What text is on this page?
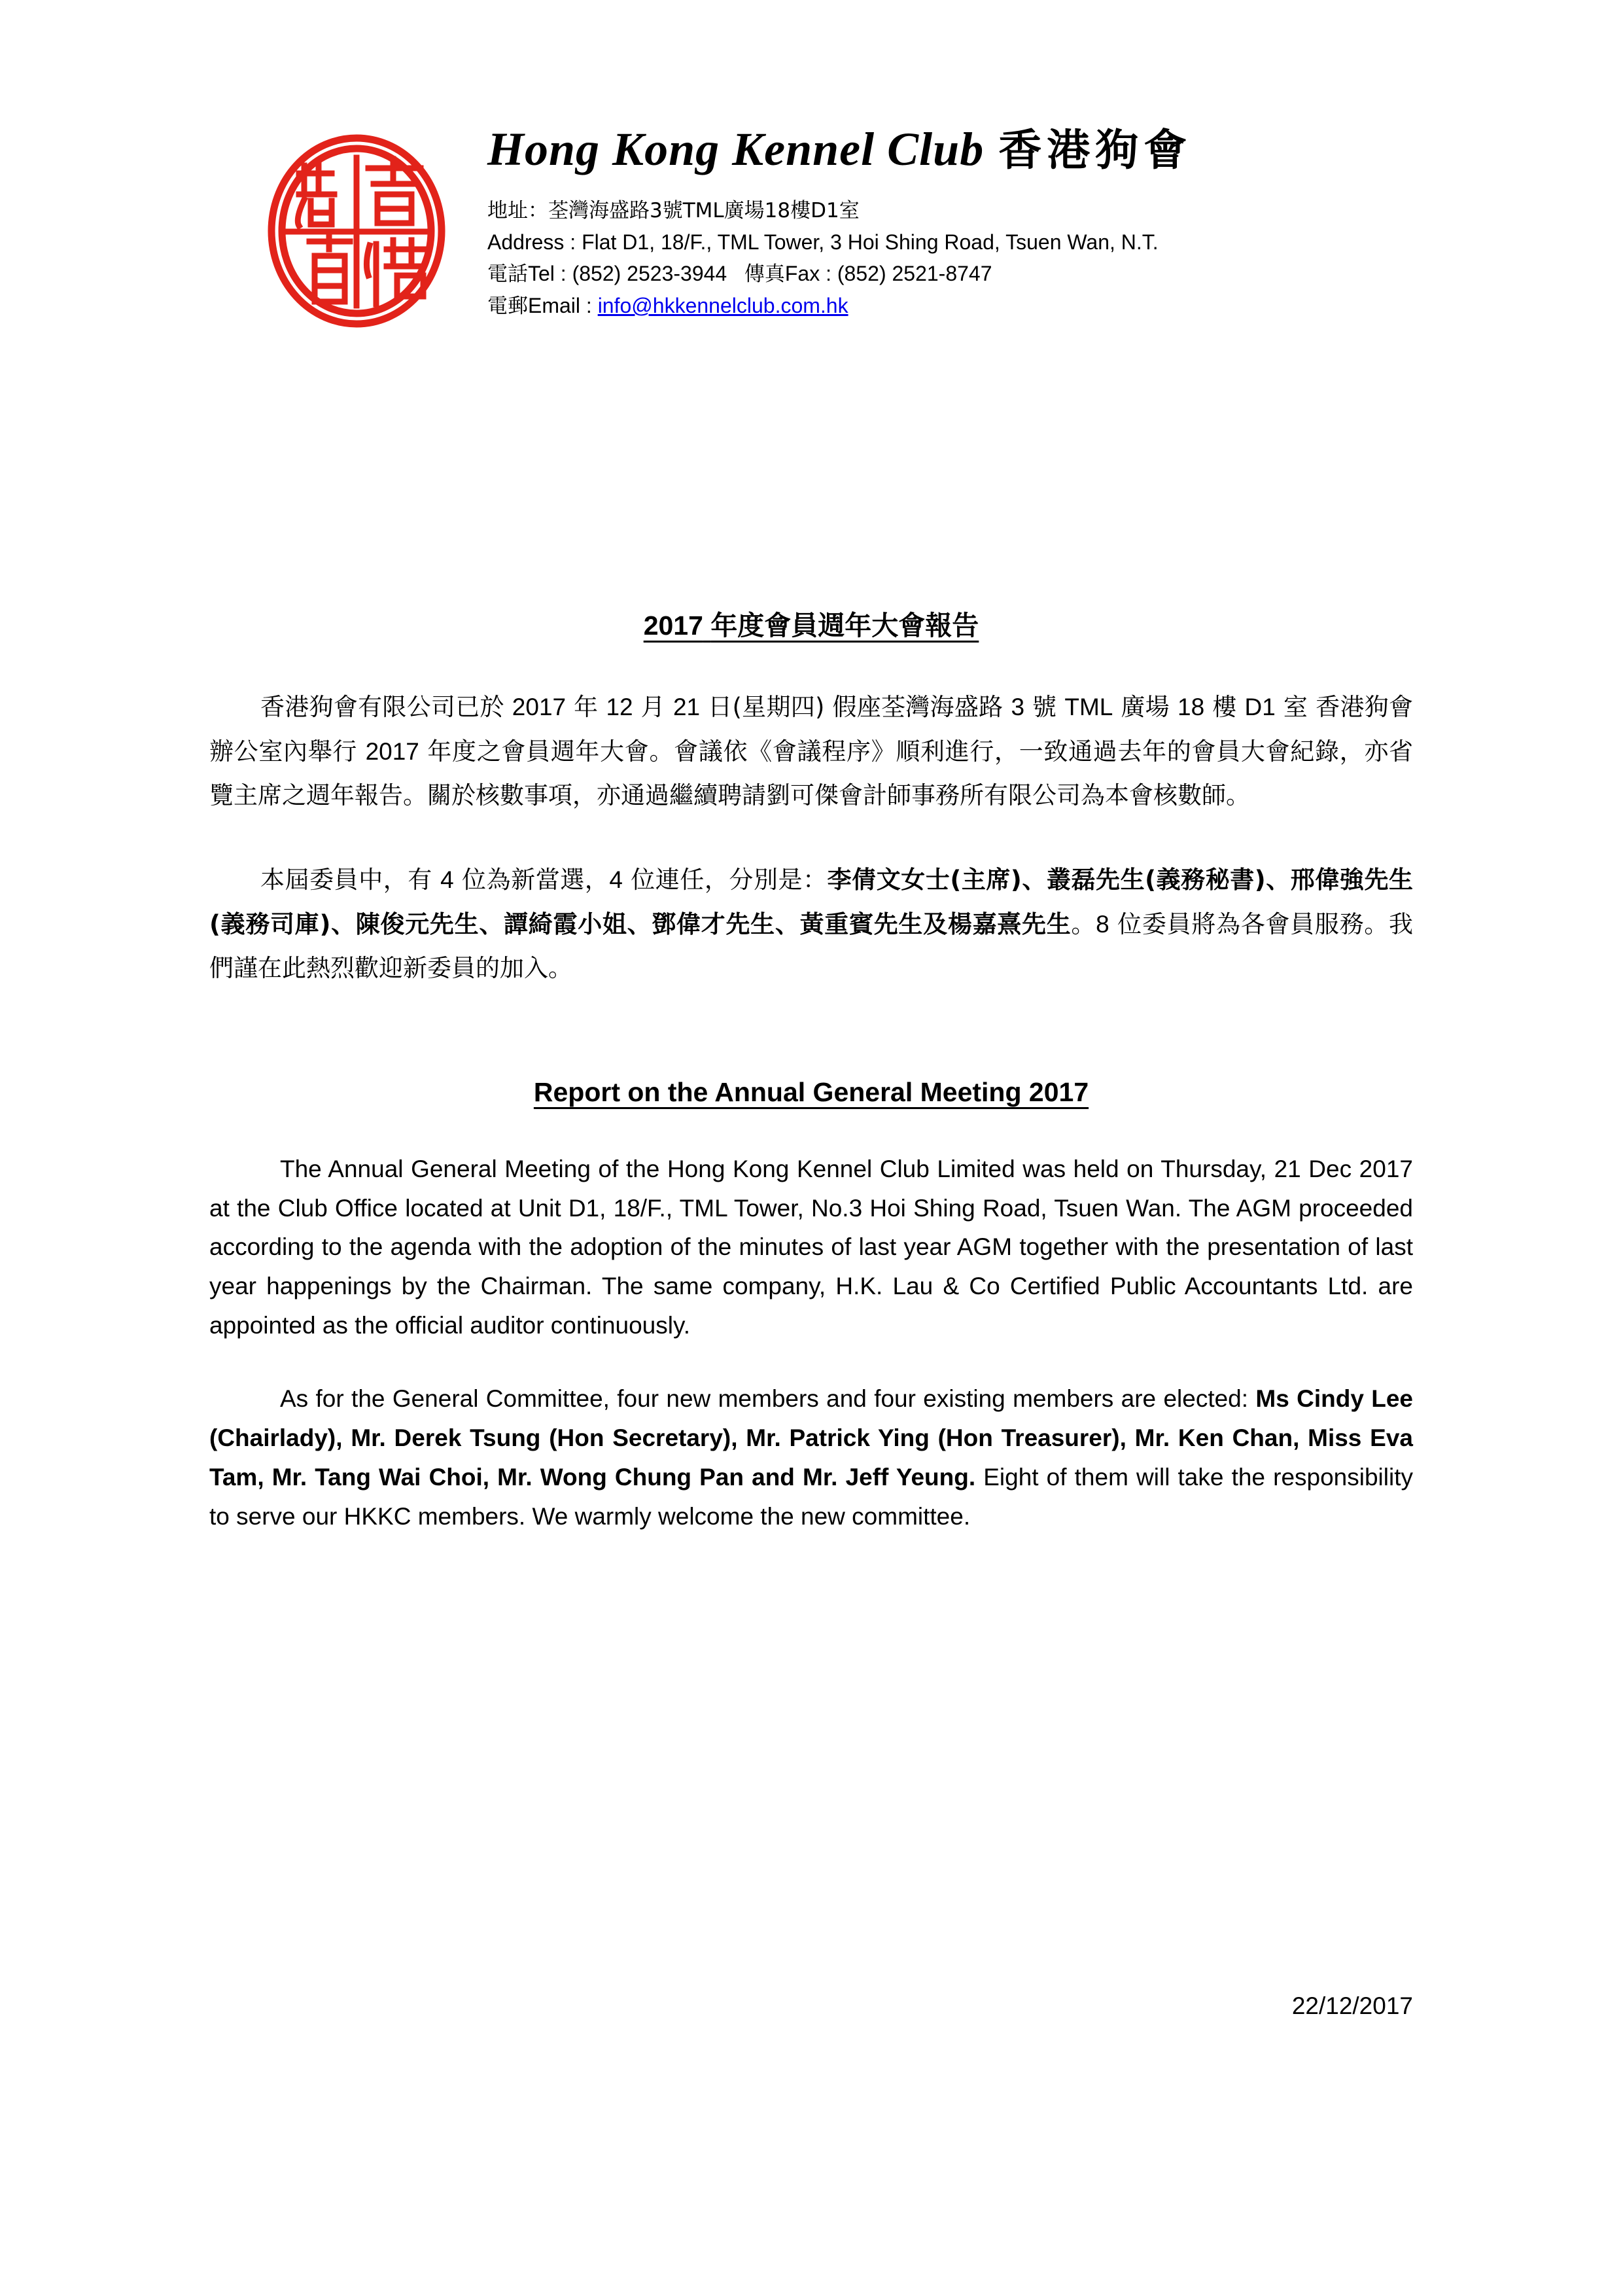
Hong Kong Kennel Club 香港狗會
地址：荃灣海盛路3號TML廣場18樓D1室
Address : Flat D1, 18/F., TML Tower, 3 Hoi Shing Road, Tsuen Wan, N.T.
電話Tel : (852) 2523-3944 傳真Fax : (852) 2521-8747
電郵Email : info@hkkennelclub.com.hk
2017 年度會員週年大會報告

香港狗會有限公司已於 2017 年 12 月 21 日(星期四) 假座荃灣海盛路 3 號 TML 廣場 18 樓 D1 室 香港狗會辦公室內舉行 2017 年度之會員週年大會。會議依《會議程序》順利進行，一致通過去年的會員大會紀錄，亦省覽主席之週年報告。關於核數事項，亦通過繼續聘請劉可傑會計師事務所有限公司為本會核數師。

本屆委員中，有 4 位為新當選，4 位連任，分別是：李倩文女士(主席)、叢磊先生(義務秘書)、邢偉強先生(義務司庫)、陳俊元先生、譚綺霞小姐、鄧偉才先生、黃重賓先生及楊嘉熹先生。8 位委員將為各會員服務。我們謹在此熱烈歡迎新委員的加入。

Report on the Annual General Meeting 2017

The Annual General Meeting of the Hong Kong Kennel Club Limited was held on Thursday, 21 Dec 2017 at the Club Office located at Unit D1, 18/F., TML Tower, No.3 Hoi Shing Road, Tsuen Wan. The AGM proceeded according to the agenda with the adoption of the minutes of last year AGM together with the presentation of last year happenings by the Chairman. The same company, H.K. Lau & Co Certified Public Accountants Ltd. are appointed as the official auditor continuously.

As for the General Committee, four new members and four existing members are elected: Ms Cindy Lee (Chairlady), Mr. Derek Tsung (Hon Secretary), Mr. Patrick Ying (Hon Treasurer), Mr. Ken Chan, Miss Eva Tam, Mr. Tang Wai Choi, Mr. Wong Chung Pan and Mr. Jeff Yeung. Eight of them will take the responsibility to serve our HKKC members. We warmly welcome the new committee.

22/12/2017
